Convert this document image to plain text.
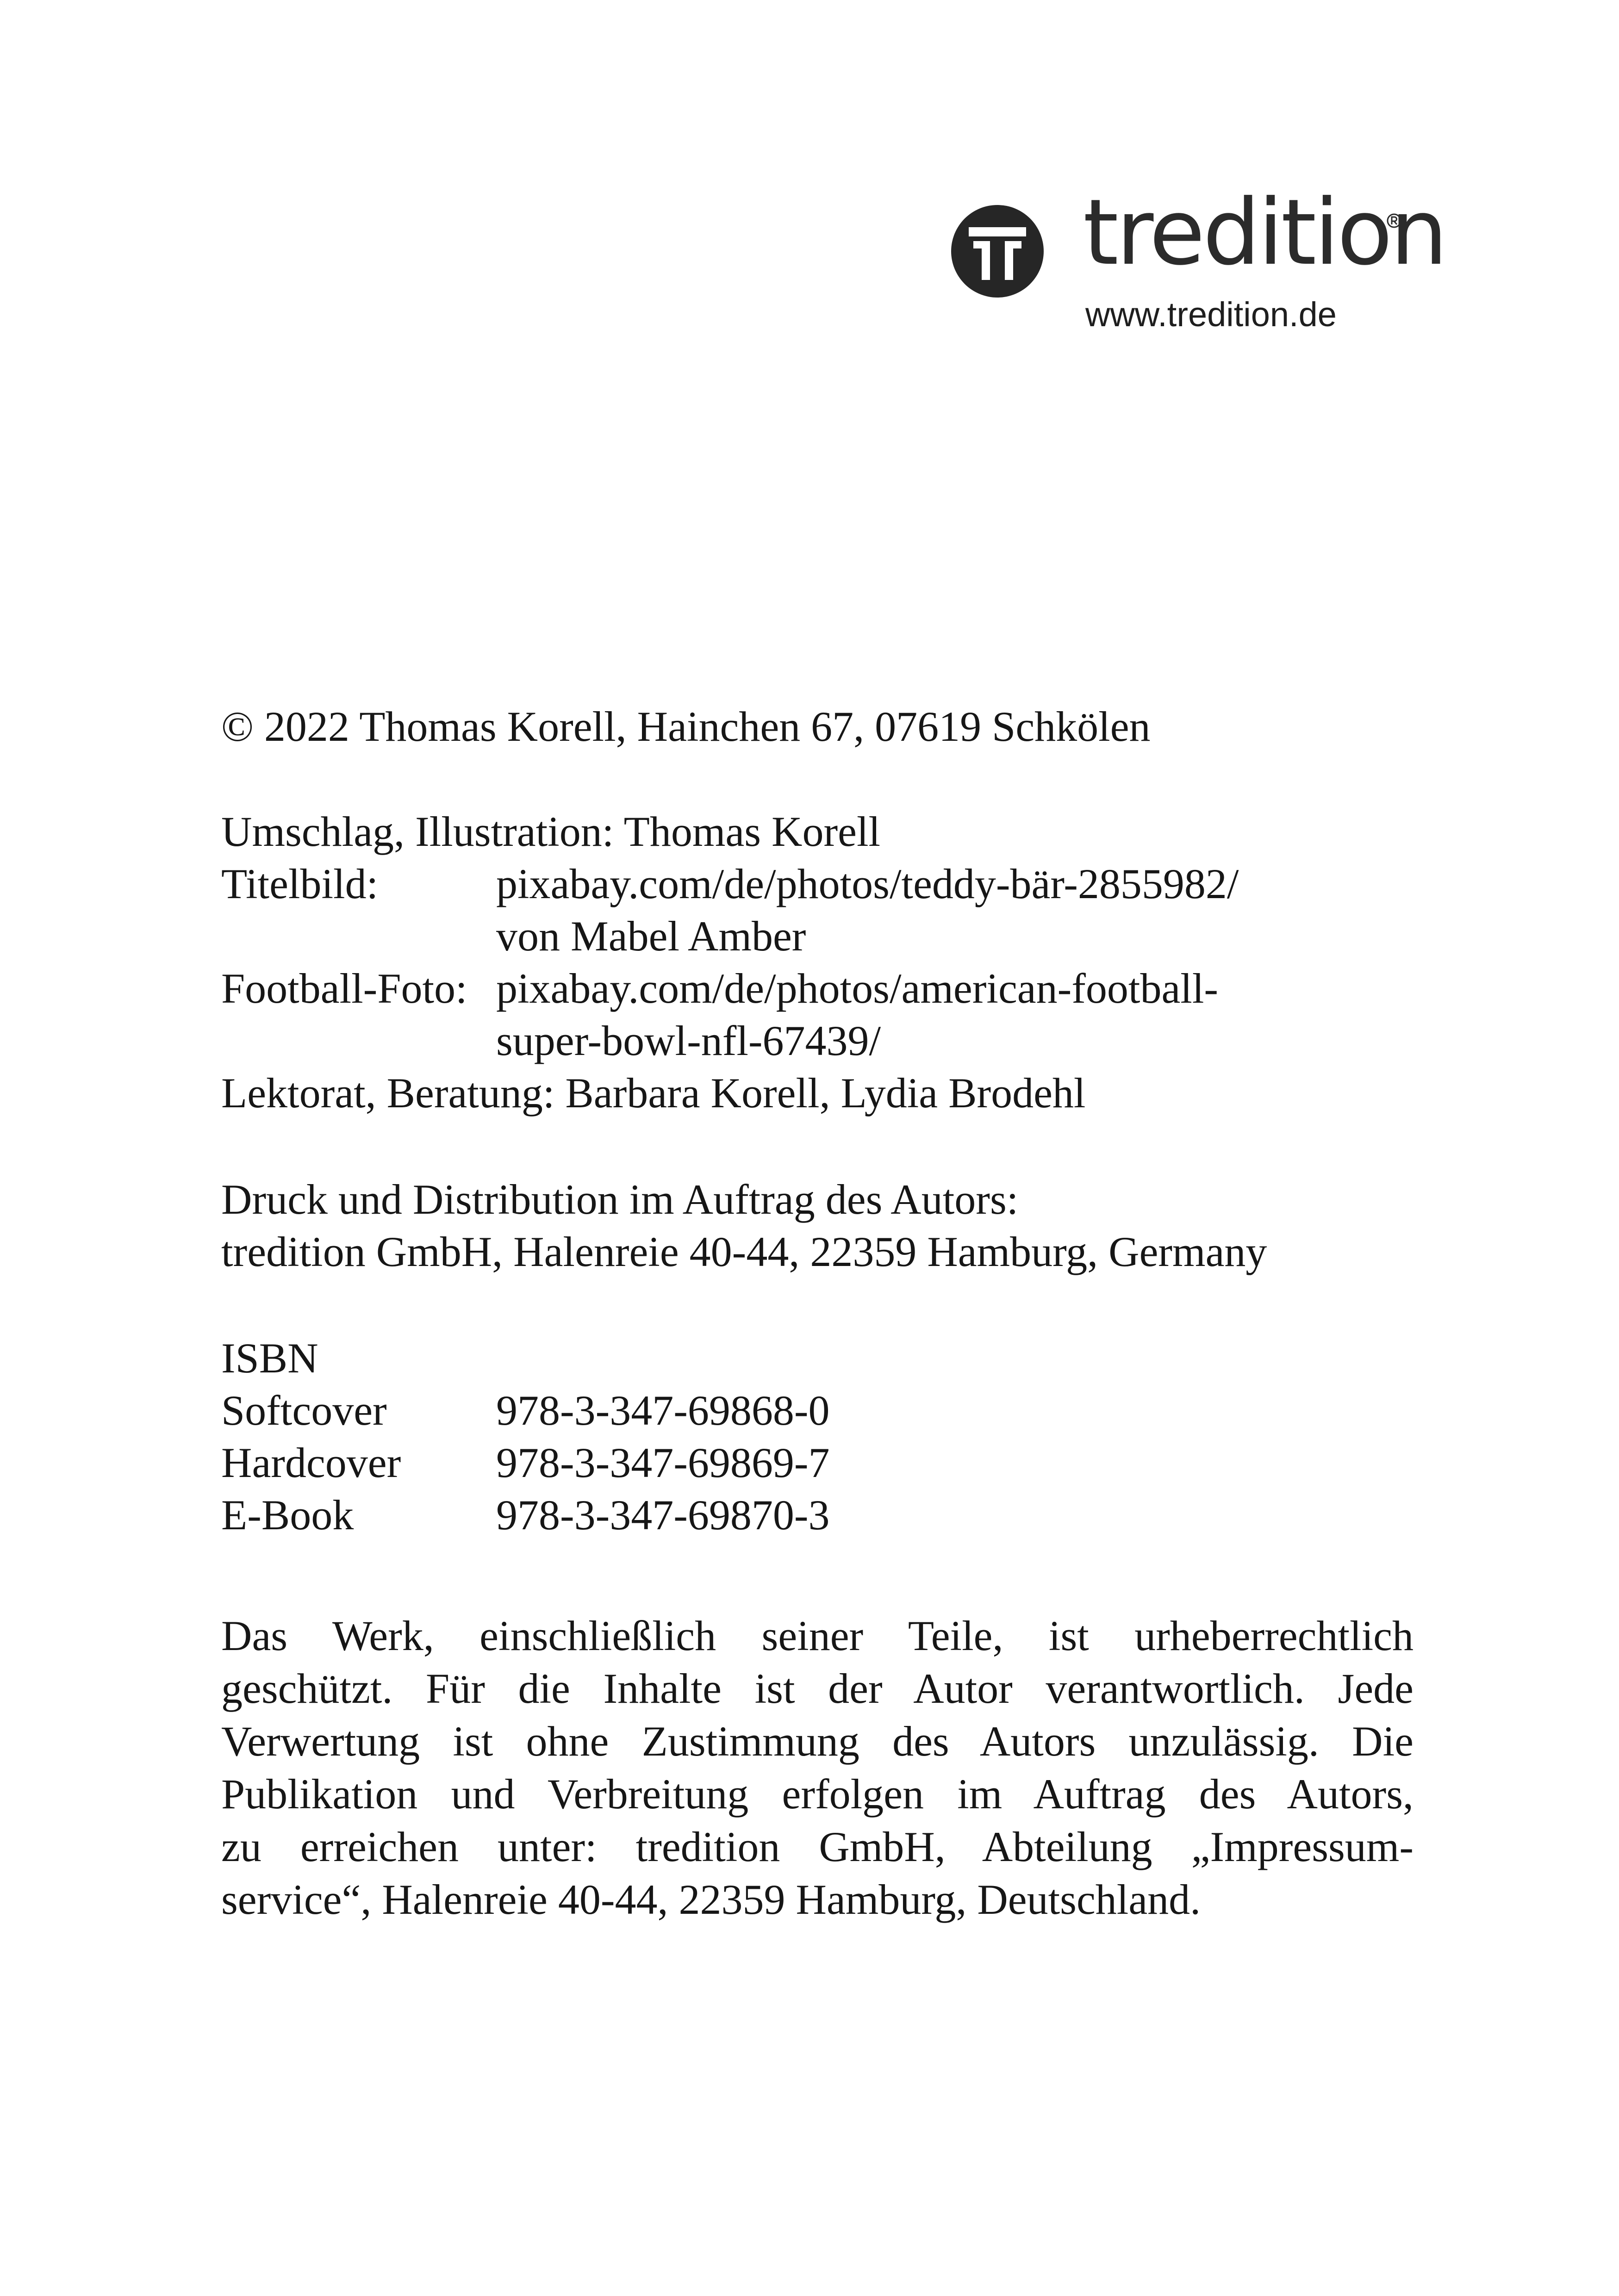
tredition
www.tredition.de
© 2022 Thomas Korell, Hainchen 67, 07619 Schkölen
Umschlag, Illustration: Thomas Korell
Titelbild:	pixabay.com/de/photos/teddy-bär-2855982/
von Mabel Amber
Football-Foto: pixabay.com/de/photos/american-football-
super-bowl-nfl-67439/
Lektorat, Beratung: Barbara Korell, Lydia Brodehl
Druck und Distribution im Auftrag des Autors:
tredition GmbH, Halenreie 40-44, 22359 Hamburg, Germany
ISBN
Softcover	978-3-347-69868-0
Hardcover 978-3-347-69869-7
E-Book	978-3-347-69870-3
Das Werk, einschließlich seiner Teile, ist urheberrechtlich
geschützt. Für die Inhalte ist der Autor verantwortlich. Jede
Verwertung ist ohne Zustimmung des Autors unzulässig. Die
Publikation und Verbreitung erfolgen im Auftrag des Autors,
zu erreichen unter: tredition GmbH, Abteilung „Impressum-
service“, Halenreie 40-44, 22359 Hamburg, Deutschland.
